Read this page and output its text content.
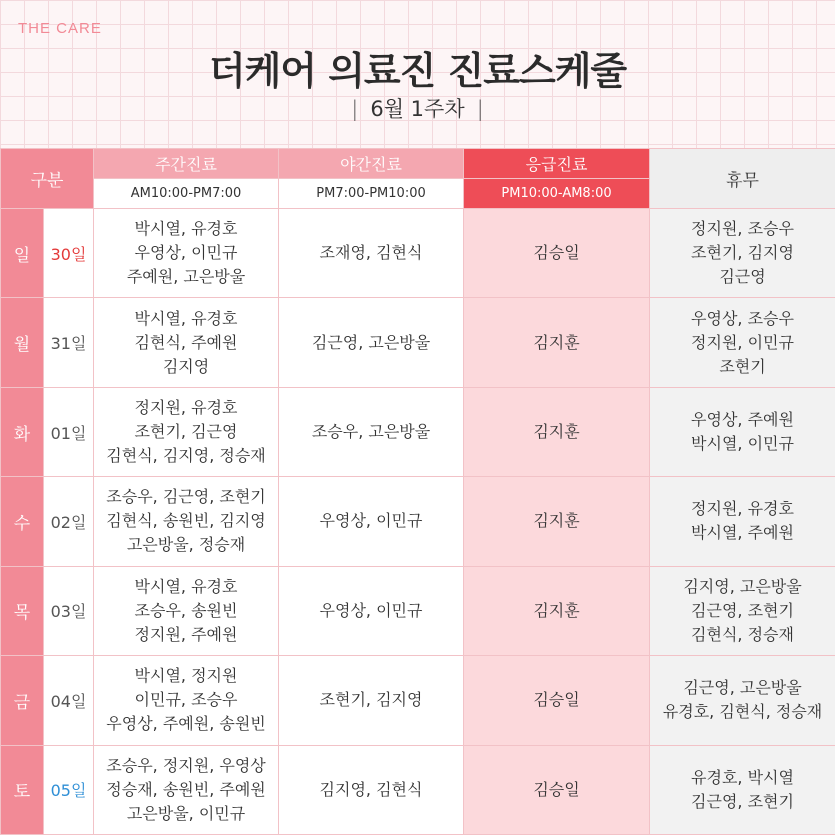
THE CARE
더케어 의료진 진료스케줄
| 6월 1주차 |
구분		주간진료	야간진료	응급진료	휴무
		AM10:00-PM7:00	PM7:00-PM10:00	PM10:00-AM8:00	
일	30일	박시열, 유경호
우영상, 이민규
주예원, 고은방울	조재영, 김현식	김승일	정지원, 조승우
조현기, 김지영
김근영
월	31일	박시열, 유경호
김현식, 주예원
김지영	김근영, 고은방울	김지훈	우영상, 조승우
정지원, 이민규
조현기
화	01일	정지원, 유경호
조현기, 김근영
김현식, 김지영, 정승재	조승우, 고은방울	김지훈	우영상, 주예원
박시열, 이민규
수	02일	조승우, 김근영, 조현기
김현식, 송원빈, 김지영
고은방울, 정승재	우영상, 이민규	김지훈	정지원, 유경호
박시열, 주예원
목	03일	박시열, 유경호
조승우, 송원빈
정지원, 주예원	우영상, 이민규	김지훈	김지영, 고은방울
김근영, 조현기
김현식, 정승재
금	04일	박시열, 정지원
이민규, 조승우
우영상, 주예원, 송원빈	조현기, 김지영	김승일	김근영, 고은방울
유경호, 김현식, 정승재
토	05일	조승우, 정지원, 우영상
정승재, 송원빈, 주예원
고은방울, 이민규	김지영, 김현식	김승일	유경호, 박시열
김근영, 조현기
